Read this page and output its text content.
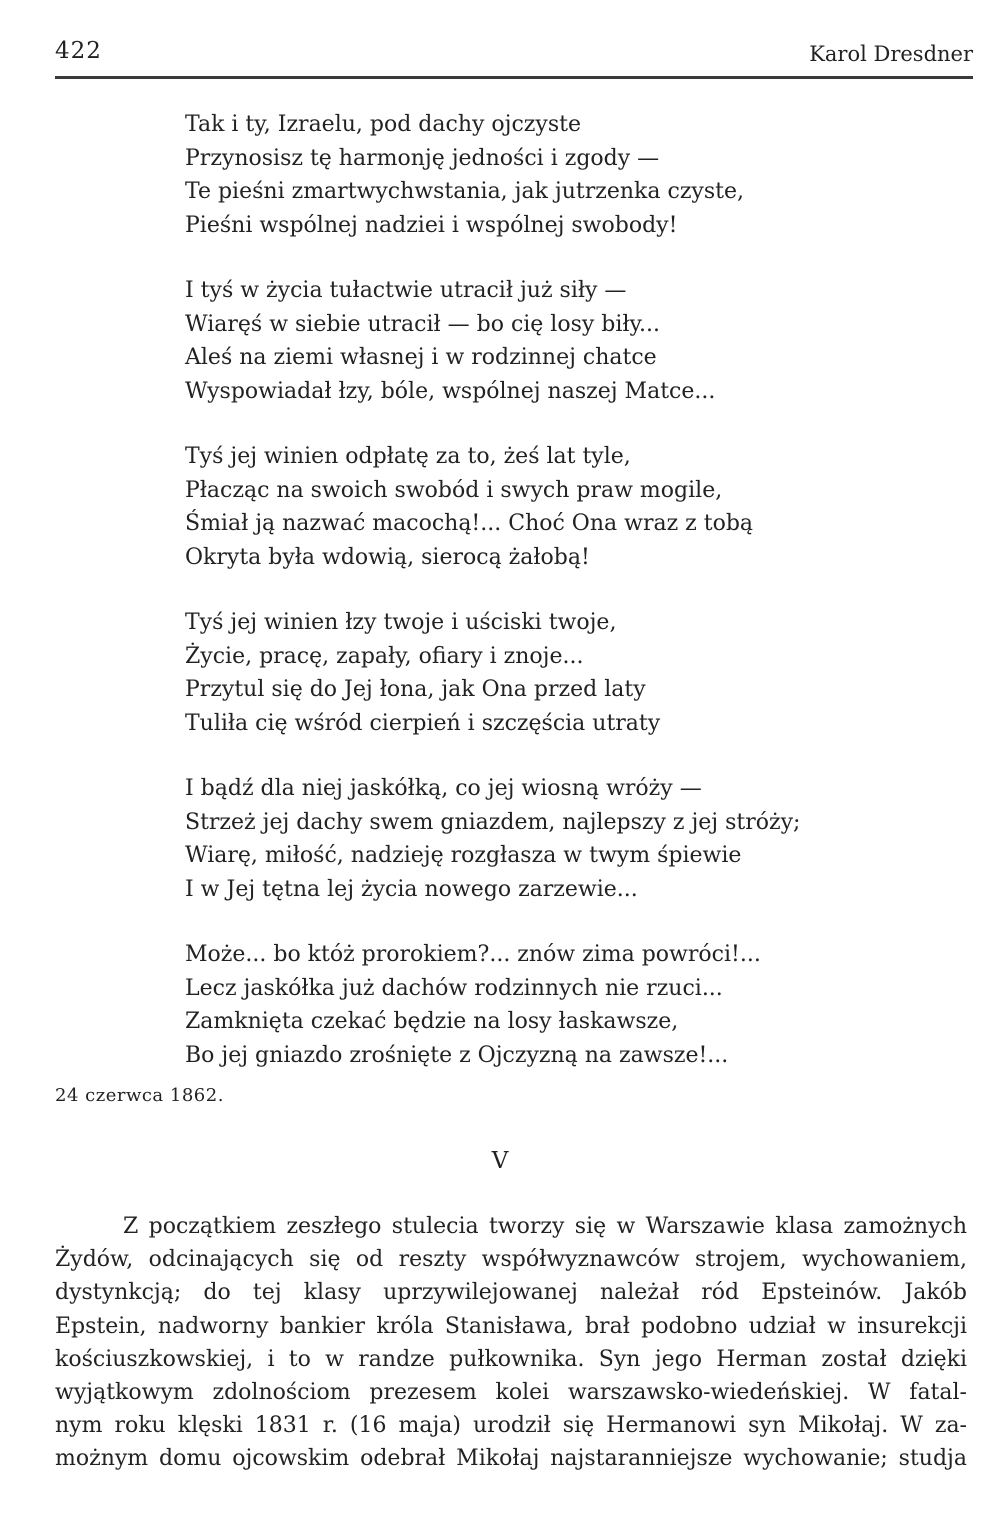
422	Karol Dresdner
Tak i ty, Izraelu, pod dachy ojczyste
Przynosisz tę harmonję jedności i zgody —
Te pieśni zmartwychwstania, jak jutrzenka czyste,
Pieśni wspólnej nadziei i wspólnej swobody!
I tyś w życia tułactwie utracił już siły —
Wiaręś w siebie utracił — bo cię losy biły...
Aleś na ziemi własnej i w rodzinnej chatce
Wyspowiadał łzy, bóle, wspólnej naszej Matce...
Tyś jej winien odpłatę za to, żeś lat tyle,
Płacząc na swoich swobód i swych praw mogile,
Śmiał ją nazwać macochą!... Choć Ona wraz z tobą
Okryta była wdowią, sierocą żałobą!
Tyś jej winien łzy twoje i uściski twoje,
Życie, pracę, zapały, ofiary i znoje...
Przytul się do Jej łona, jak Ona przed laty
Tuliła cię wśród cierpień i szczęścia utraty
I bądź dla niej jaskółką, co jej wiosną wróży —
Strzeż jej dachy swem gniazdem, najlepszy z jej stróży;
Wiarę, miłość, nadzieję rozgłasza w twym śpiewie
I w Jej tętna lej życia nowego zarzewie...
Może... bo któż prorokiem?... znów zima powróci!...
Lecz jaskółka już dachów rodzinnych nie rzuci...
Zamknięta czekać będzie na losy łaskawsze,
Bo jej gniazdo zrośnięte z Ojczyzną na zawsze!...
24 czerwca 1862.
V
Z początkiem zeszłego stulecia tworzy się w Warszawie klasa zamożnych
Żydów, odcinających się od reszty współwyznawców strojem, wychowaniem,
dystynkcją; do tej klasy uprzywilejowanej należał ród Epsteinów. Jakób
Epstein, nadworny bankier króla Stanisława, brał podobno udział w insurekcji
kościuszkowskiej, i to w randze pułkownika. Syn jego Herman został dzięki
wyjątkowym zdolnościom prezesem kolei warszawsko-wiedeńskiej. W fatal-
nym roku klęski 1831 r. (16 maja) urodził się Hermanowi syn Mikołaj. W za-
możnym domu ojcowskim odebrał Mikołaj najstaranniejsze wychowanie; studja
